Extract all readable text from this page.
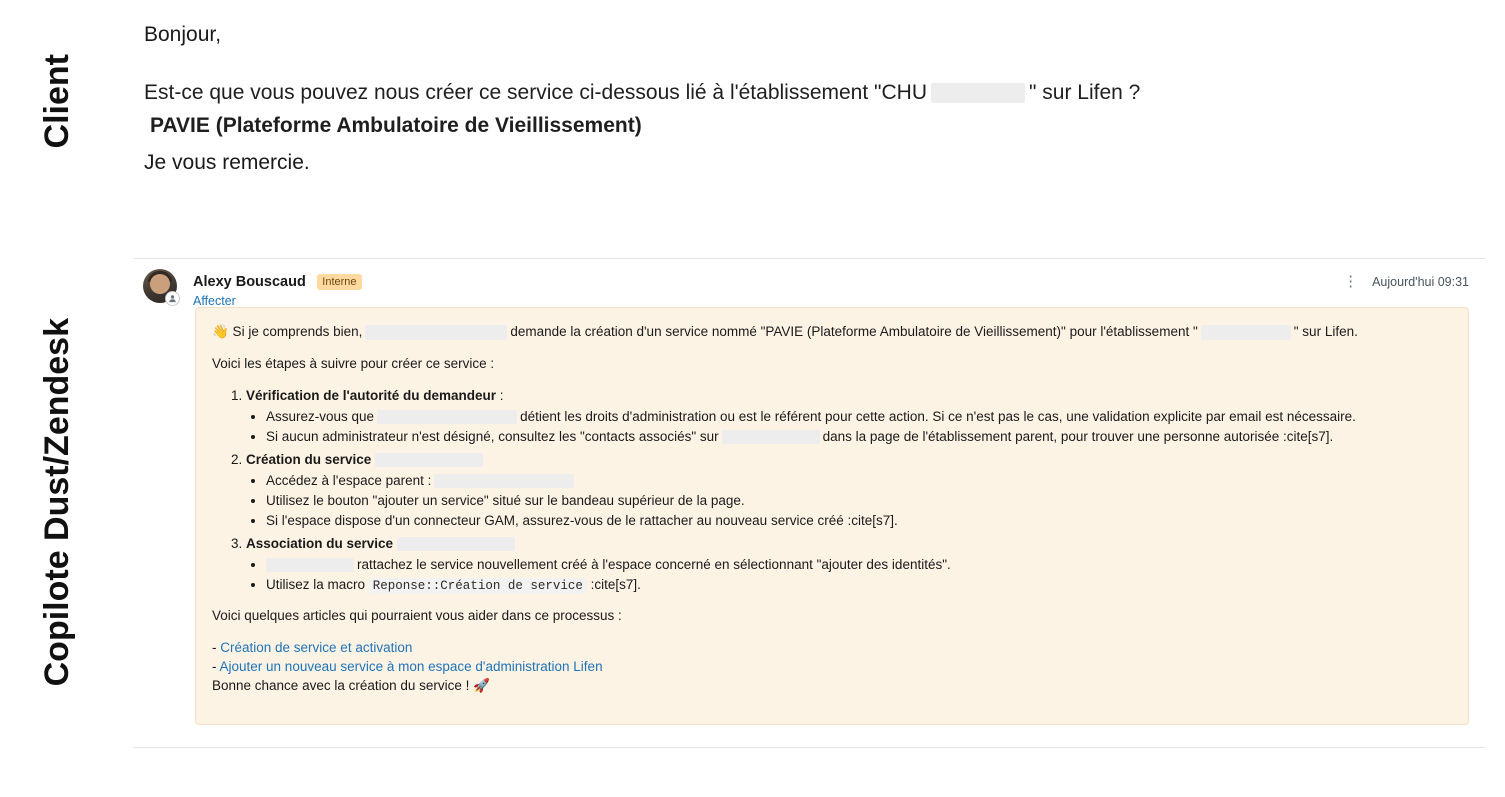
Client
Copilote Dust/Zendesk
Bonjour,
Est-ce que vous pouvez nous créer ce service ci-dessous lié à l'établissement "CHU	" sur Lifen ? PAVIE (Plateforme Ambulatoire de Vieillissement)
Je vous remercie.
Alexy Bouscaud Interne
Affecter
⋮ Aujourd'hui 09:31

👋 Si je comprends bien,	demande la création d'un service nommé "PAVIE (Plateforme Ambulatoire de Vieillissement)" pour l'établissement "	" sur Lifen.

Voici les étapes à suivre pour créer ce service :

1. Vérification de l'autorité du demandeur :
• Assurez-vous que	détient les droits d'administration ou est le référent pour cette action. Si ce n'est pas le cas, une validation explicite par email est nécessaire.
• Si aucun administrateur n'est désigné, consultez les "contacts associés" sur	dans la page de l'établissement parent, pour trouver une personne autorisée :cite[s7].
2. Création du service
• Accédez à l'espace parent :
• Utilisez le bouton "ajouter un service" situé sur le bandeau supérieur de la page.
• Si l'espace dispose d'un connecteur GAM, assurez-vous de le rattacher au nouveau service créé :cite[s7].
3. Association du service
• rattachez le service nouvellement créé à l'espace concerné en sélectionnant "ajouter des identités".
• Utilisez la macro Reponse::Création de service :cite[s7].

Voici quelques articles qui pourraient vous aider dans ce processus :

- Création de service et activation
- Ajouter un nouveau service à mon espace d'administration Lifen

Bonne chance avec la création du service ! 🚀
